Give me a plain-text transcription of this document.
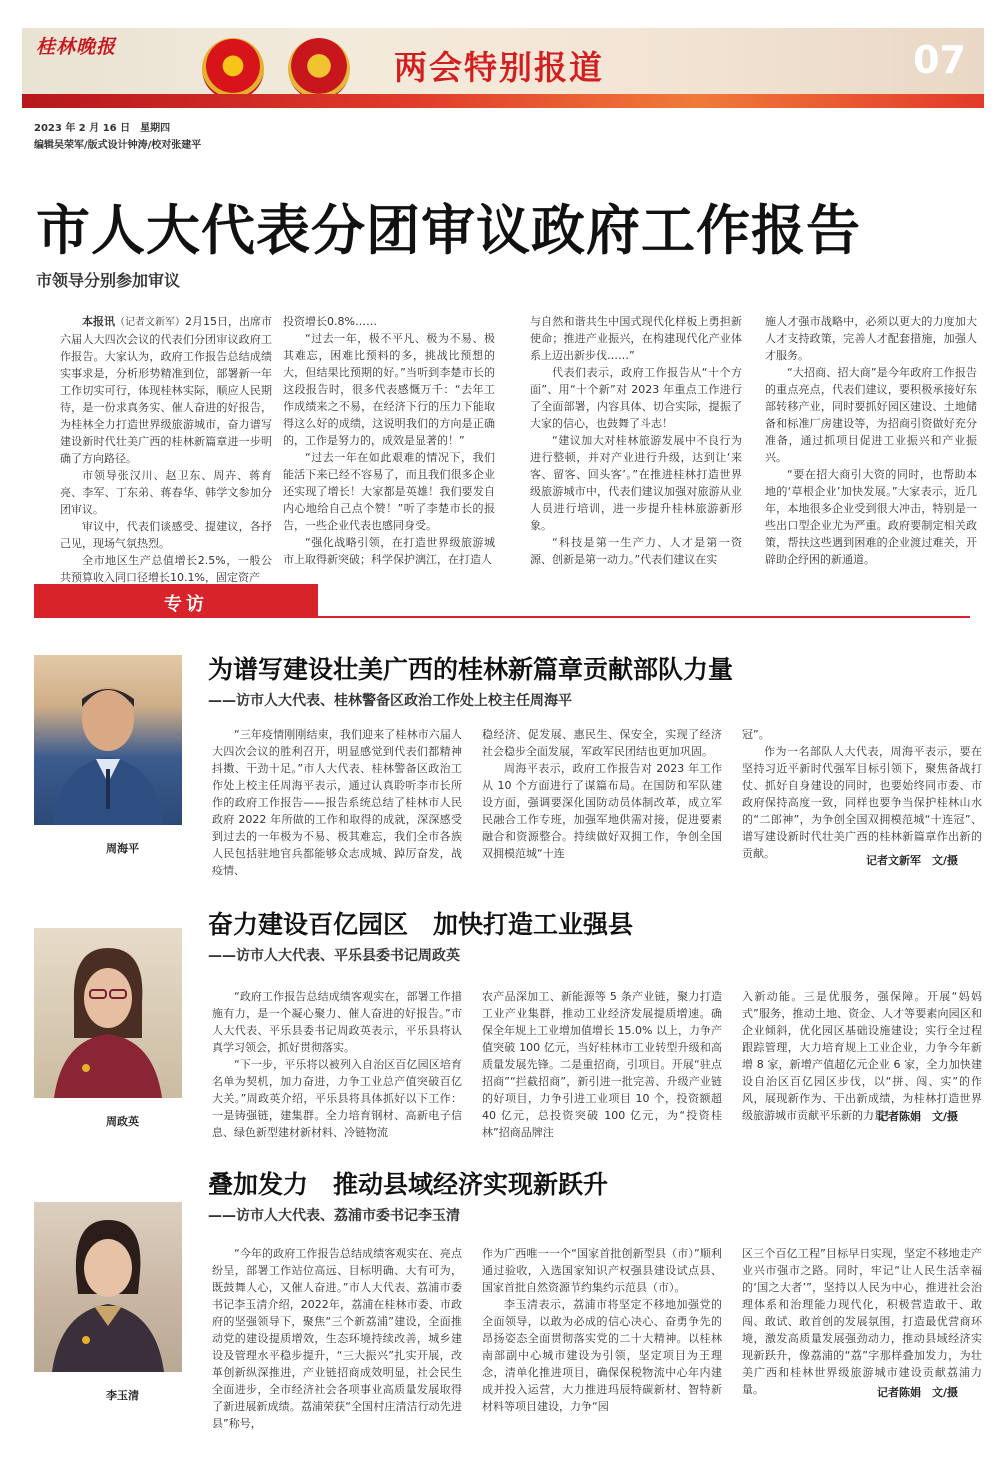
桂林晚报
两会特别报道	07
2023 年 2 月 16 日　星期四
编辑吴荣军/版式设计钟涛/校对张建平
市人大代表分团审议政府工作报告
市领导分别参加审议

本报讯（记者文新军）2月15日，出席市六届人大四次会议的代表们分团审议政府工作报告。大家认为，政府工作报告总结成绩实事求是，分析形势精准到位，部署新一年工作切实可行，体现桂林实际，顺应人民期待，是一份求真务实、催人奋进的好报告，为桂林全力打造世界级旅游城市，奋力谱写建设新时代壮美广西的桂林新篇章进一步明确了方向路径。

市领导张汉川、赵卫东、周卉、蒋育亮、李军、丁东弟、蒋春华、韩学文参加分团审议。

审议中，代表们谈感受、提建议，各抒己见，现场气氛热烈。

全市地区生产总值增长2.5%，一般公共预算收入同口径增长10.1%，固定资产

投资增长0.8%……

“过去一年，极不平凡、极为不易、极其难忘，困难比预料的多，挑战比预想的大，但结果比预期的好。”当听到李楚市长的这段报告时，很多代表感慨万千：“去年工作成绩来之不易，在经济下行的压力下能取得这么好的成绩，这说明我们的方向是正确的，工作是努力的，成效是显著的！”

“过去一年在如此艰难的情况下，我们能活下来已经不容易了，而且我们很多企业还实现了增长！大家都是英雄！我们要发自内心地给自己点个赞！”听了李楚市长的报告，一些企业代表也感同身受。

“强化战略引领，在打造世界级旅游城市上取得新突破；科学保护漓江，在打造人

与自然和谐共生中国式现代化样板上勇担新使命；推进产业振兴，在构建现代化产业体系上迈出新步伐……”

代表们表示，政府工作报告从“十个方面”、用“十个新”对 2023 年重点工作进行了全面部署，内容具体、切合实际，提振了大家的信心，也鼓舞了斗志！

“建议加大对桂林旅游发展中不良行为进行整顿，并对产业进行升级，达到让‘来客、留客、回头客’。”在推进桂林打造世界级旅游城市中，代表们建议加强对旅游从业人员进行培训，进一步提升桂林旅游新形象。

“科技是第一生产力、人才是第一资源、创新是第一动力。”代表们建议在实

施人才强市战略中，必须以更大的力度加大人才支持政策，完善人才配套措施，加强人才服务。

“大招商、招大商”是今年政府工作报告的重点亮点，代表们建议，要积极承接好东部转移产业，同时要抓好园区建设、土地储备和标准厂房建设等，为招商引资做好充分准备，通过抓项目促进工业振兴和产业振兴。

“要在招大商引大资的同时，也帮助本地的‘草根企业’加快发展。”大家表示，近几年，本地很多企业受到很大冲击，特别是一些出口型企业尤为严重。政府要制定相关政策，帮扶这些遇到困难的企业渡过难关，开辟助企纾困的新通道。

专访
周海平
为谱写建设壮美广西的桂林新篇章贡献部队力量
——访市人大代表、桂林警备区政治工作处上校主任周海平

“三年疫情刚刚结束，我们迎来了桂林市六届人大四次会议的胜利召开，明显感觉到代表们都精神抖擞、干劲十足。”市人大代表、桂林警备区政治工作处上校主任周海平表示，通过认真聆听李市长所作的政府工作报告——报告系统总结了桂林市人民政府 2022 年所做的工作和取得的成就，深深感受到过去的一年极为不易、极其难忘，我们全市各族人民包括驻地官兵都能够众志成城、踔厉奋发，战疫情、

稳经济、促发展、惠民生、保安全，实现了经济社会稳步全面发展，军政军民团结也更加巩固。

周海平表示，政府工作报告对 2023 年工作从 10 个方面进行了谋篇布局。在国防和军队建设方面，强调要深化国防动员体制改革，成立军民融合工作专班，加强军地供需对接，促进要素融合和资源整合。持续做好双拥工作，争创全国双拥模范城“十连

冠”。

作为一名部队人大代表，周海平表示，要在坚持习近平新时代强军目标引领下，聚焦备战打仗、抓好自身建设的同时，也要始终同市委、市政府保持高度一致，同样也要争当保护桂林山水的“二郎神”，为争创全国双拥模范城“十连冠”、谱写建设新时代壮美广西的桂林新篇章作出新的贡献。

记者文新军　文/摄
周政英
奋力建设百亿园区　加快打造工业强县
——访市人大代表、平乐县委书记周政英

“政府工作报告总结成绩客观实在，部署工作措施有力，是一个凝心聚力、催人奋进的好报告。”市人大代表、平乐县委书记周政英表示，平乐县将认真学习领会，抓好贯彻落实。

“下一步，平乐将以被列入自治区百亿园区培育名单为契机，加力奋进，力争工业总产值突破百亿大关。”周政英介绍，平乐县将具体抓好以下工作：一是铸强链，建集群。全力培育钢材、高新电子信息、绿色新型建材新材料、冷链物流

农产品深加工、新能源等 5 条产业链，聚力打造工业产业集群，推动工业经济发展提质增速。确保全年规上工业增加值增长 15.0% 以上，力争产值突破 100 亿元，当好桂林市工业转型升级和高质量发展先锋。二是重招商，引项目。开展“驻点招商”“拦截招商”，新引进一批完善、升级产业链的好项目，力争引进工业项目 10 个，投资额超 40 亿元，总投资突破 100 亿元，为“投资桂林”招商品牌注

入新动能。三是优服务，强保障。开展“妈妈式”服务，推动土地、资金、人才等要素向园区和企业倾斜，优化园区基础设施建设；实行全过程跟踪管理，大力培育规上工业企业，力争今年新增 8 家，新增产值超亿元企业 6 家，全力加快建设自治区百亿园区步伐，以“拼、闯、实”的作风，展现新作为、干出新成绩，为桂林打造世界级旅游城市贡献平乐新的力量！

记者陈娟　文/摄
李玉清
叠加发力　推动县域经济实现新跃升
——访市人大代表、荔浦市委书记李玉清

“今年的政府工作报告总结成绩客观实在、亮点纷呈，部署工作站位高远、目标明确、大有可为，既鼓舞人心，又催人奋进。”市人大代表、荔浦市委书记李玉清介绍，2022年，荔浦在桂林市委、市政府的坚强领导下，聚焦“三个新荔浦”建设，全面推动党的建设提质增效，生态环境持续改善，城乡建设及管理水平稳步提升，“三大振兴”扎实开展，改革创新纵深推进，产业链招商成效明显，社会民生全面进步，全市经济社会各项事业高质量发展取得了新进展新成绩。荔浦荣获“全国村庄清洁行动先进县”称号，

作为广西唯一一个“国家首批创新型县（市）”顺利通过验收，入选国家知识产权强县建设试点县、国家首批自然资源节约集约示范县（市）。

李玉清表示，荔浦市将坚定不移地加强党的全面领导，以敢为必成的信心决心、奋勇争先的昂扬姿态全面贯彻落实党的二十大精神。以桂林南部副中心城市建设为引领，坚定项目为王理念，清单化推进项目，确保保税物流中心年内建成并投入运营，大力推进玛辰特碳新材、智特新材料等项目建设，力争“园

区三个百亿工程”目标早日实现，坚定不移地走产业兴市强市之路。同时，牢记“让人民生活幸福的‘国之大者’”，坚持以人民为中心，推进社会治理体系和治理能力现代化，积极营造敢干、敢闯、敢试、敢首创的发展氛围，打造最优营商环境，激发高质量发展强劲动力，推动县域经济实现新跃升，像荔浦的“荔”字那样叠加发力，为壮美广西和桂林世界级旅游城市建设贡献荔浦力量。	记者陈娟　文/摄
